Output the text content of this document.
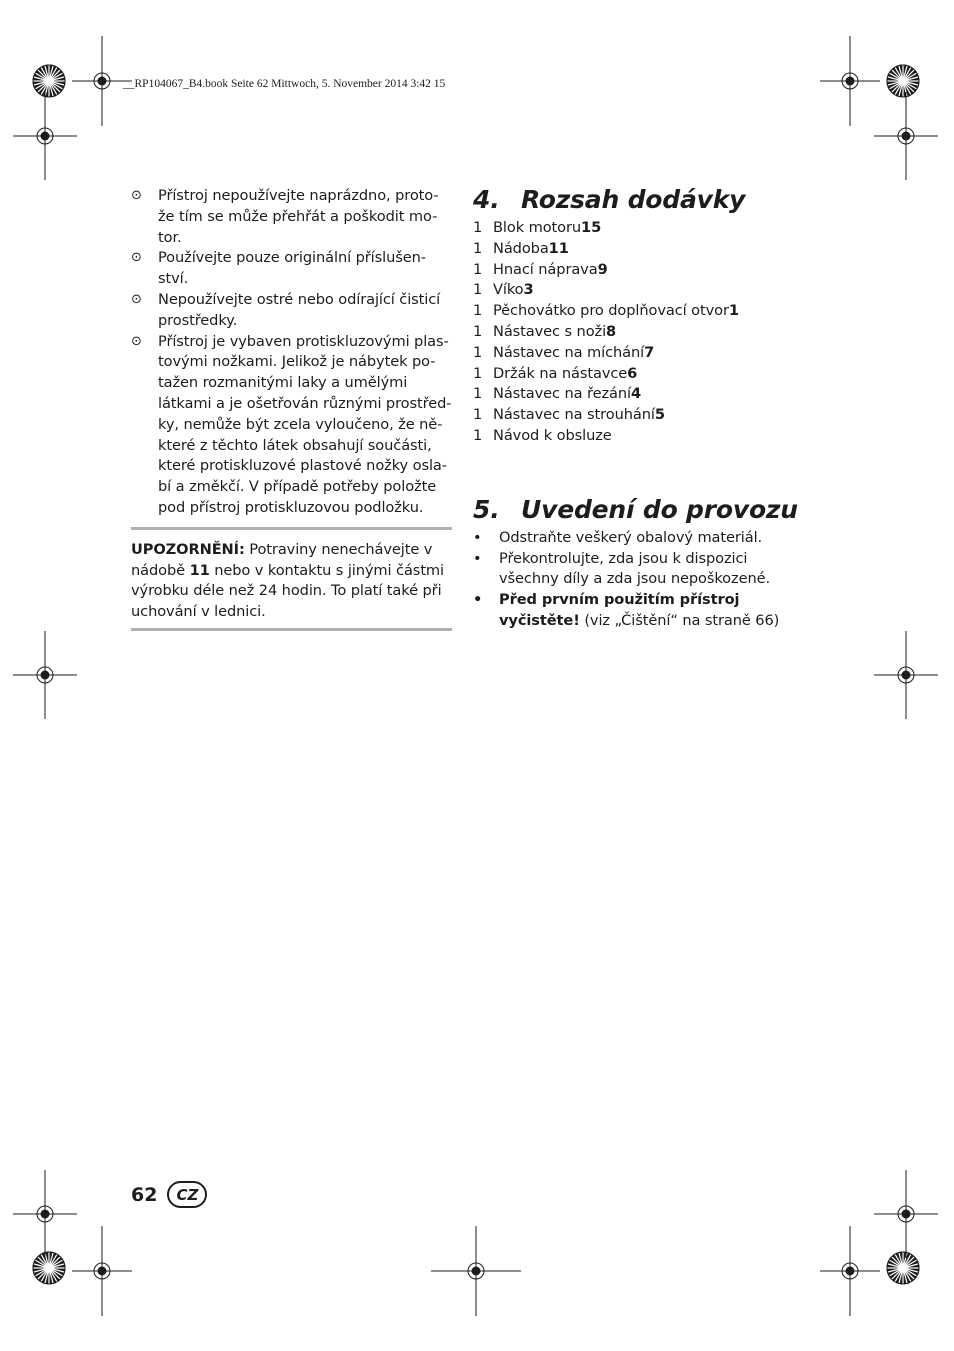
__RP104067_B4.book Seite 62 Mittwoch, 5. November 2014 3:42 15
⊙	Přístroj nepoužívejte naprázdno, proto-
že tím se může přehřát a poškodit mo-
tor.
⊙	Používejte pouze originální příslušen-
ství.
⊙	Nepoužívejte ostré nebo odírající čisticí
prostředky.
⊙	Přístroj je vybaven protiskluzovými plas-
tovými nožkami. Jelikož je nábytek po-
tažen rozmanitými laky a umělými
látkami a je ošetřován různými prostřed-
ky, nemůže být zcela vyloučeno, že ně-
které z těchto látek obsahují součásti,
které protiskluzové plastové nožky osla-
bí a změkčí. V případě potřeby položte
pod přístroj protiskluzovou podložku.
UPOZORNĚNÍ: Potraviny nenechávejte v
nádobě 11 nebo v kontaktu s jinými částmi
výrobku déle než 24 hodin. To platí také při
uchování v lednici.
4. Rozsah dodávky
1 Blok motoru 15
1 Nádoba 11
1 Hnací náprava 9
1 Víko 3
1 Pěchovátko pro doplňovací otvor 1
1 Nástavec s noži 8
1 Nástavec na míchání 7
1 Držák na nástavce 6
1 Nástavec na řezání 4
1 Nástavec na strouhání 5
1 Návod k obsluze
5. Uvedení do provozu
•	Odstraňte veškerý obalový materiál.
•	Překontrolujte, zda jsou k dispozici
všechny díly a zda jsou nepoškozené.
•	Před prvním použitím přístroj
vyčistěte! (viz „Čištění“ na straně 66)
62	CZ
